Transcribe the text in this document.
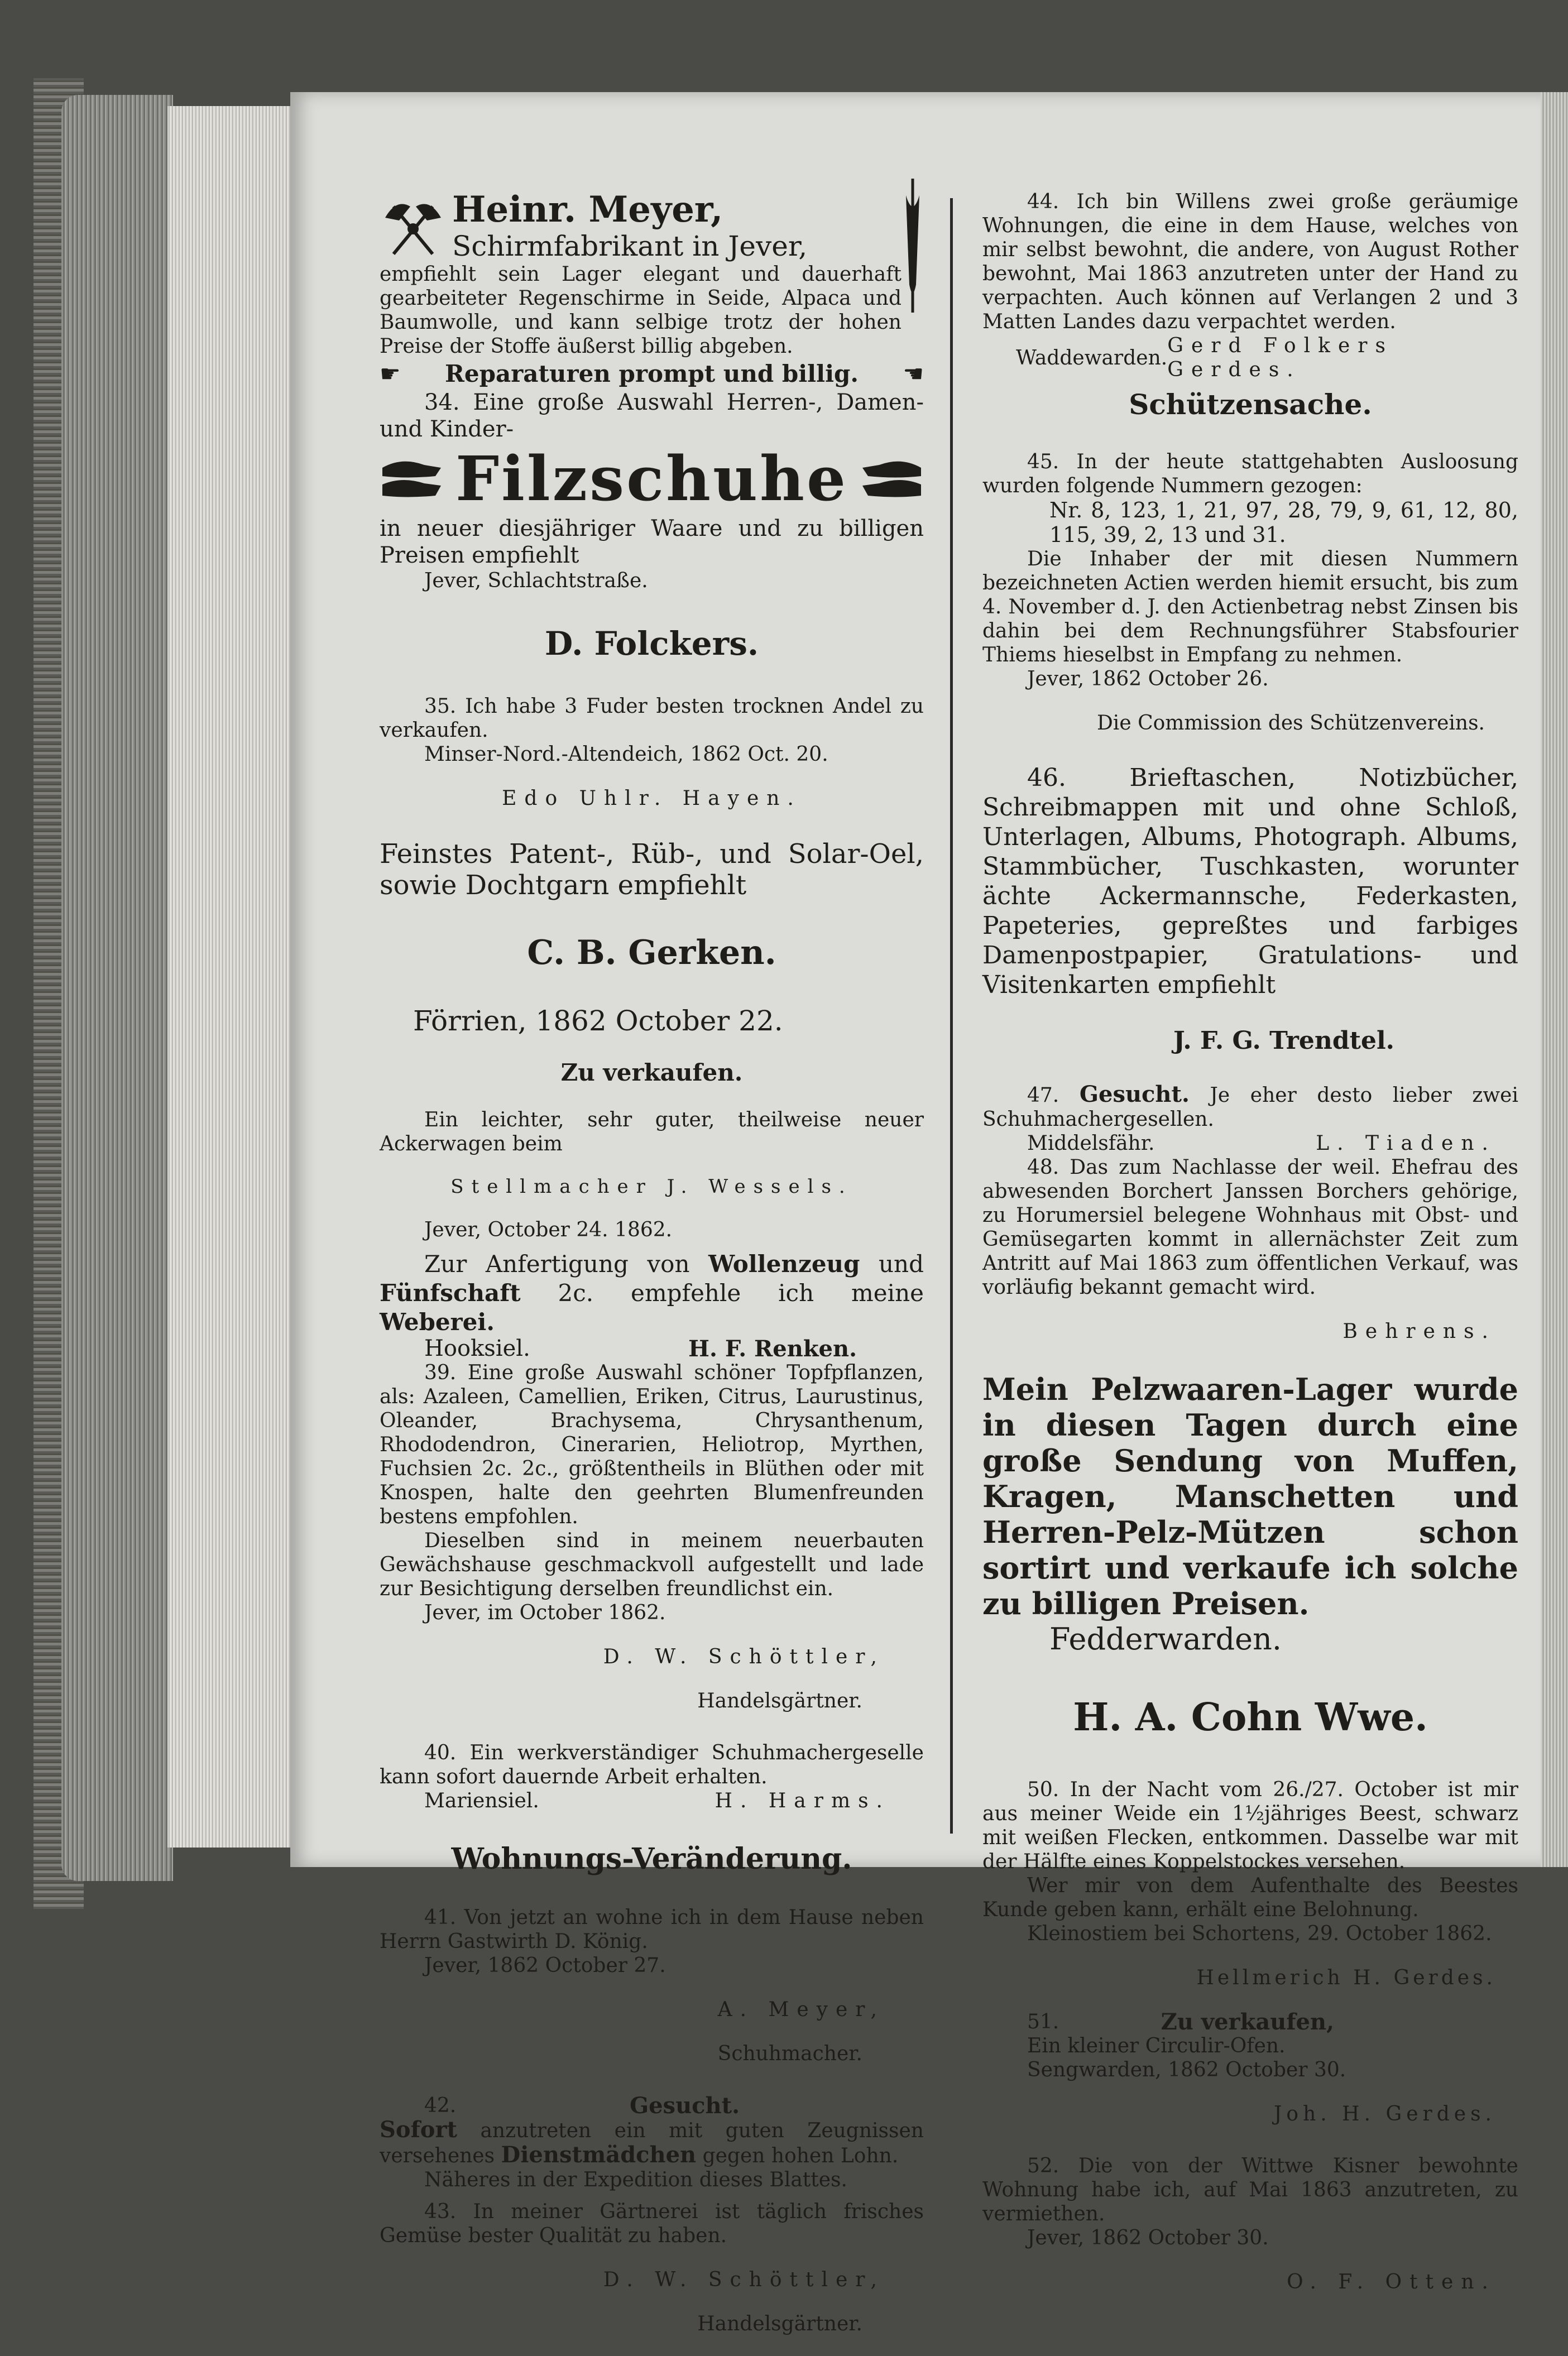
Heinr. Meyer,
Schirmfabrikant in Jever,

empfiehlt sein Lager elegant und dauerhaft gearbeiteter Regenschirme in Seide, Alpaca und Baumwolle, und kann selbige trotz der hohen Preise der Stoffe äußerst billig abgeben.

☛ Reparaturen prompt und billig. ☚

34. Eine große Auswahl Herren-, Damen- und Kinder-

Filzschuhe

in neuer diesjähriger Waare und zu billigen Preisen empfiehlt

Jever, Schlachtstraße.

D. Folckers.

35. Ich habe 3 Fuder besten trocknen Andel zu verkaufen.

Minser-Nord.-Altendeich, 1862 Oct. 20.

Edo Uhlr. Hayen.

Feinstes Patent-, Rüb-, und Solar-Oel, sowie Dochtgarn empfiehlt

C. B. Gerken.

Förrien, 1862 October 22.

Zu verkaufen.

Ein leichter, sehr guter, theilweise neuer Ackerwagen beim

Stellmacher J. Wessels.

Jever, October 24. 1862.

Zur Anfertigung von Wollenzeug und Fünfschaft 2c. empfehle ich meine Weberei.

Hooksiel.	H. F. Renken.

39. Eine große Auswahl schöner Topfpflanzen, als: Azaleen, Camellien, Eriken, Citrus, Laurustinus, Oleander, Brachysema, Chrysanthenum, Rhododendron, Cinerarien, Heliotrop, Myrthen, Fuchsien 2c. 2c., größtentheils in Blüthen oder mit Knospen, halte den geehrten Blumenfreunden bestens empfohlen.

Dieselben sind in meinem neuerbauten Gewächshause geschmackvoll aufgestellt und lade zur Besichtigung derselben freundlichst ein.

Jever, im October 1862.

D. W. Schöttler,

Handelsgärtner.

40. Ein werkverständiger Schuhmachergeselle kann sofort dauernde Arbeit erhalten.

Mariensiel.	H. Harms.

Wohnungs-Veränderung.

41. Von jetzt an wohne ich in dem Hause neben Herrn Gastwirth D. König.

Jever, 1862 October 27.

A. Meyer,

Schuhmacher.

42.	Gesucht.

Sofort anzutreten ein mit guten Zeugnissen versehenes Dienstmädchen gegen hohen Lohn.

Näheres in der Expedition dieses Blattes.

43. In meiner Gärtnerei ist täglich frisches Gemüse bester Qualität zu haben.

D. W. Schöttler,

Handelsgärtner.

44. Ich bin Willens zwei große geräumige Wohnungen, die eine in dem Hause, welches von mir selbst bewohnt, die andere, von August Rother bewohnt, Mai 1863 anzutreten unter der Hand zu verpachten. Auch können auf Verlangen 2 und 3 Matten Landes dazu verpachtet werden.

Waddewarden.
Gerd Folkers Gerdes.

Schützensache.

45. In der heute stattgehabten Ausloosung wurden folgende Nummern gezogen:

Nr. 8, 123, 1, 21, 97, 28, 79, 9, 61, 12, 80, 115, 39, 2, 13 und 31.

Die Inhaber der mit diesen Nummern bezeichneten Actien werden hiemit ersucht, bis zum 4. November d. J. den Actienbetrag nebst Zinsen bis dahin bei dem Rechnungsführer Stabsfourier Thiems hieselbst in Empfang zu nehmen.

Jever, 1862 October 26.

Die Commission des Schützenvereins.

46. Brieftaschen, Notizbücher, Schreibmappen mit und ohne Schloß, Unterlagen, Albums, Photograph. Albums, Stammbücher, Tuschkasten, worunter ächte Ackermannsche, Federkasten, Papeteries, gepreßtes und farbiges Damenpostpapier, Gratulations- und Visitenkarten empfiehlt

J. F. G. Trendtel.

47. Gesucht. Je eher desto lieber zwei Schuhmachergesellen.

Middelsfähr.	L. Tiaden.

48. Das zum Nachlasse der weil. Ehefrau des abwesenden Borchert Janssen Borchers gehörige, zu Horumersiel belegene Wohnhaus mit Obst- und Gemüsegarten kommt in allernächster Zeit zum Antritt auf Mai 1863 zum öffentlichen Verkauf, was vorläufig bekannt gemacht wird.

Behrens.

Mein Pelzwaaren-Lager wurde in diesen Tagen durch eine große Sendung von Muffen, Kragen, Manschetten und Herren-Pelz-Mützen schon sortirt und verkaufe ich solche zu billigen Preisen.

Fedderwarden.

H. A. Cohn Wwe.

50. In der Nacht vom 26./27. October ist mir aus meiner Weide ein 1½jähriges Beest, schwarz mit weißen Flecken, entkommen. Dasselbe war mit der Hälfte eines Koppelstockes versehen.

Wer mir von dem Aufenthalte des Beestes Kunde geben kann, erhält eine Belohnung.

Kleinostiem bei Schortens, 29. October 1862.

Hellmerich H. Gerdes.

51.	Zu verkaufen,

Ein kleiner Circulir-Ofen.

Sengwarden, 1862 October 30.

Joh. H. Gerdes.

52. Die von der Wittwe Kisner bewohnte Wohnung habe ich, auf Mai 1863 anzutreten, zu vermiethen.

Jever, 1862 October 30.

O. F. Otten.
